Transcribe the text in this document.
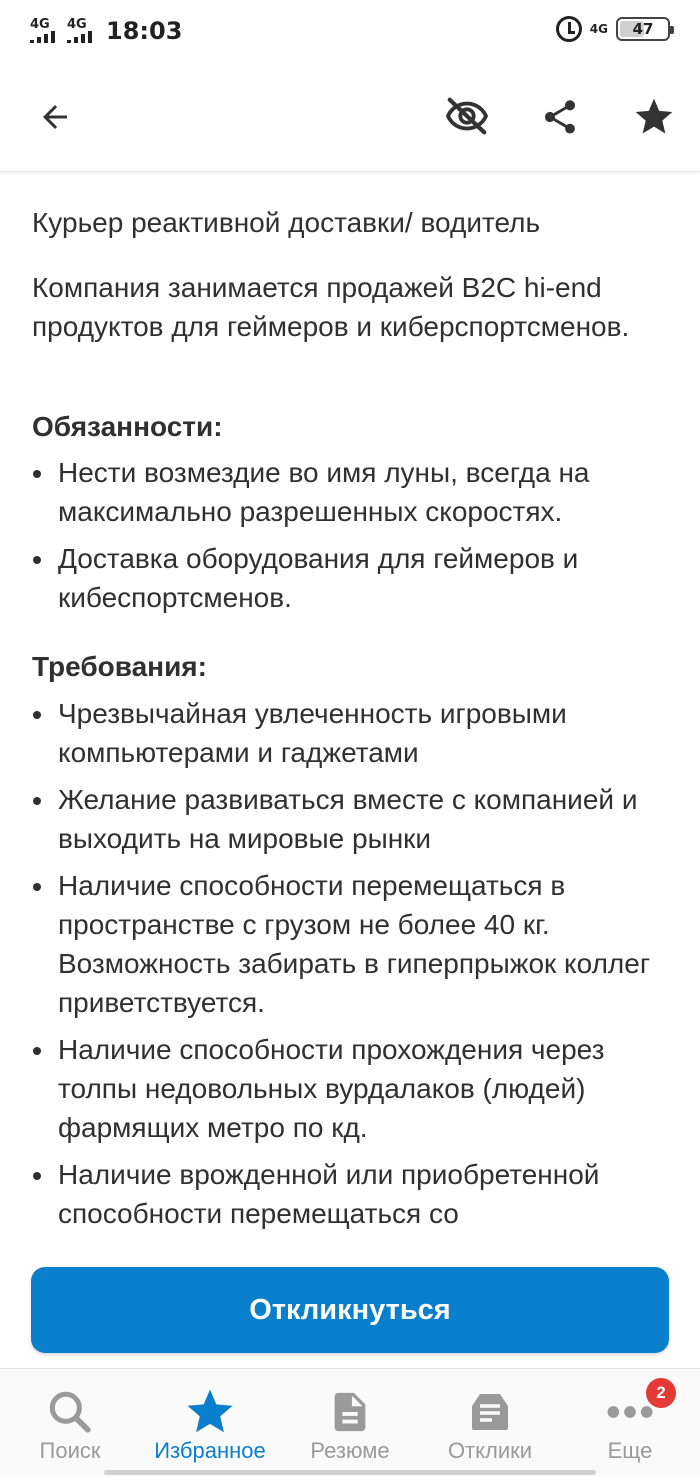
4G 4G 18:03	4G 47
Курьер реактивной доставки/ водитель
Компания занимается продажей B2C hi-end продуктов для геймеров и киберспортсменов.
Обязанности:
Нести возмездие во имя луны, всегда на максимально разрешенных скоростях.
Доставка оборудования для геймеров и кибеспортсменов.
Требования:
Чрезвычайная увлеченность игровыми компьютерами и гаджетами
Желание развиваться вместе с компанией и выходить на мировые рынки
Наличие способности перемещаться в пространстве с грузом не более 40 кг. Возможность забирать в гиперпрыжок коллег приветствуется.
Наличие способности прохождения через толпы недовольных вурдалаков (людей) фармящих метро по кд.
Наличие врожденной или приобретенной способности перемещаться со
Откликнуться
Поиск Избранное Резюме	Отклики	Еще
2
